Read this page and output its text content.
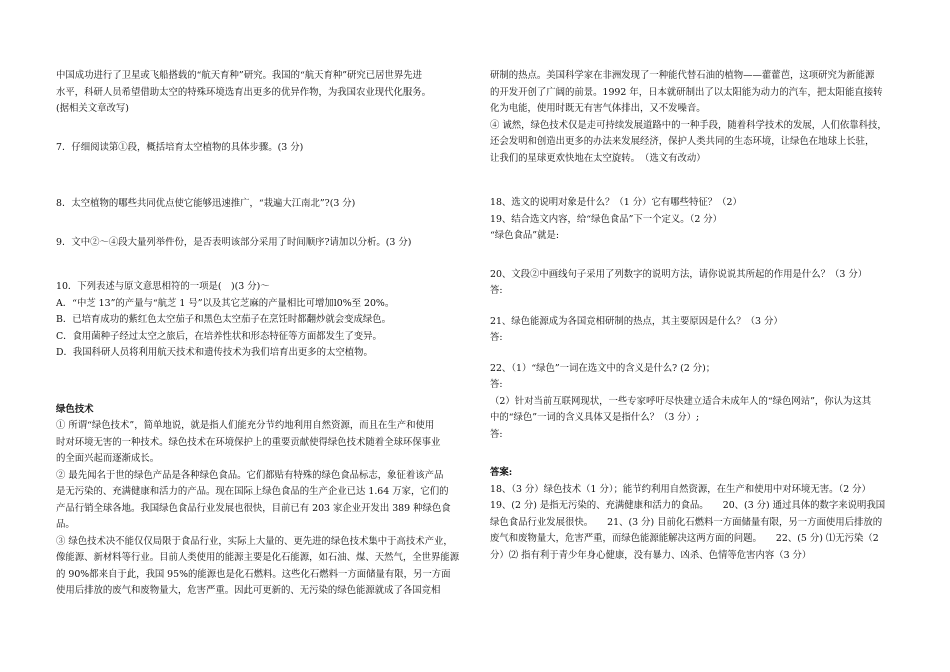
中国成功进行了卫星或飞船搭载的“航天育种”研究。我国的“航天育种”研究已居世界先进

水平，科研人员希望借助太空的特殊环境选育出更多的优异作物，为我国农业现代化服务。

(据相关文章改写)

7．仔细阅读第①段，概括培育太空植物的具体步骤。(3 分)

8．太空植物的哪些共同优点使它能够迅速推广，“栽遍大江南北”?(3 分)

9．文中②～④段大量列举件份，是否表明该部分采用了时间顺序?请加以分析。(3 分)

10．下列表述与原文意思相符的一项是(　)(3 分)～

A．“中芝 13”的产量与“航芝 1 号”以及其它芝麻的产量相比可增加l0%至 20%。

B．已培育成功的紫红色太空茄子和黑色太空茄子在烹饪时都翻炒就会变成绿色。

C．食用菌种子经过太空之旅后，在培养性状和形态特征等方面都发生了变异。

D．我国科研人员将利用航天技术和遗传技术为我们培育出更多的太空植物。

绿色技术

① 所谓“绿色技术”，简单地说，就是指人们能充分节约地利用自然资源，而且在生产和使用

时对环境无害的一种技术。绿色技术在环境保护上的重要贡献使得绿色技术随着全球环保事业

的全面兴起而逐渐成长。

② 最先闻名于世的绿色产品是各种绿色食品。它们都贴有特殊的绿色食品标志，象征着该产品

是无污染的、充满健康和活力的产品。现在国际上绿色食品的生产企业已达 1.64 万家，它们的

产品行销全球各地。我国绿色食品行业发展也很快，目前已有 203 家企业开发出 389 种绿色食

品。

③ 绿色技术决不能仅仅局限于食品行业，实际上大量的、更先进的绿色技术集中于高技术产业，

像能源、新材料等行业。目前人类使用的能源主要是化石能源，如石油、煤、天然气，全世界能源

的 90%都来自于此，我国 95%的能源也是化石燃料。这些化石燃料一方面储量有限，另一方面

使用后排放的废气和废物量大，危害严重。因此可更新的、无污染的绿色能源就成了各国竞相

研制的热点。美国科学家在非洲发现了一种能代替石油的植物——藿藿芭，这项研究为新能源

的开发开创了广阔的前景。1992 年，日本就研制出了以太阳能为动力的汽车，把太阳能直接转

化为电能，使用时既无有害气体排出，又不发噪音。

④ 诚然，绿色技术仅是走可持续发展道路中的一种手段，随着科学技术的发展，人们依靠科技，

还会发明和创造出更多的办法来发展经济，保护人类共同的生态环境，让绿色在地球上长驻，

让我们的星球更欢快地在太空旋转。　（选文有改动）

18、选文的说明对象是什么？（1 分）它有哪些特征？（2）

19、结合选文内容，给“绿色食品”下一个定义。（2 分）

“绿色食品”就是:

20、文段②中画线句子采用了列数字的说明方法，请你说说其所起的作用是什么？（3 分）

答:

21、绿色能源成为各国竞相研制的热点，其主要原因是什么？（3 分）

答:

22、（1）“绿色”一词在选文中的含义是什么? (2 分)；

答:

（2）针对当前互联网现状，一些专家呼吁尽快建立适合未成年人的“绿色网站”，你认为这其

中的“绿色”一词的含义具体又是指什么？（3 分）;

答:

答案:

18、（3 分）绿色技术（1 分）；能节约利用自然资源，在生产和使用中对环境无害。（2 分）

19、(2 分) 是指无污染的、充满健康和活力的食品。　　20、(3 分) 通过具体的数字来说明我国

绿色食品行业发展很快。　　21、(3 分) 目前化石燃料一方面储量有限，另一方面使用后排放的

废气和废物量大，危害严重，而绿色能源能解决这两方面的问题。　　22、(5 分) ⑴无污染（2

分）⑵ 指有利于青少年身心健康，没有暴力、凶杀、色情等危害内容（3 分）
